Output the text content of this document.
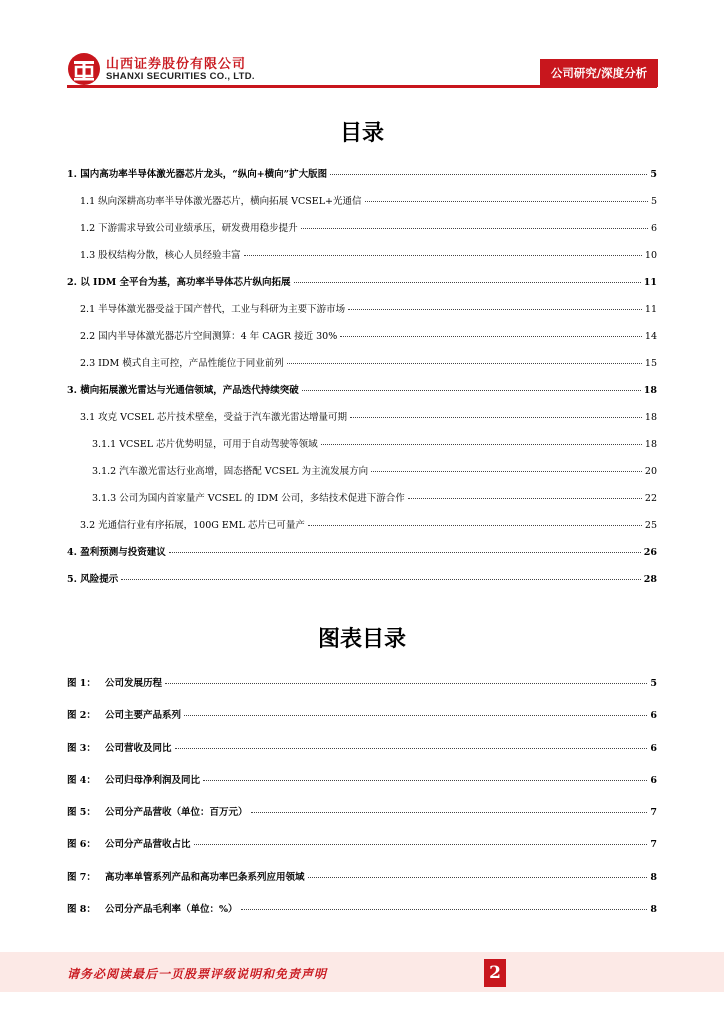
山西证券股份有限公司
SHANXI SECURITIES CO., LTD.	公司研究/深度分析
目录
1. 国内高功率半导体激光器芯片龙头，“纵向+横向”扩大版图	5
1.1 纵向深耕高功率半导体激光器芯片，横向拓展 VCSEL+光通信	5
1.2 下游需求导致公司业绩承压，研发费用稳步提升	6
1.3 股权结构分散，核心人员经验丰富	10
2. 以 IDM 全平台为基，高功率半导体芯片纵向拓展	11
2.1 半导体激光器受益于国产替代，工业与科研为主要下游市场	11
2.2 国内半导体激光器芯片空间测算：4 年 CAGR 接近 30%	14
2.3 IDM 模式自主可控，产品性能位于同业前列	15
3. 横向拓展激光雷达与光通信领域，产品迭代持续突破	18
3.1 攻克 VCSEL 芯片技术壁垒，受益于汽车激光雷达增量可期	18
3.1.1 VCSEL 芯片优势明显，可用于自动驾驶等领域	18
3.1.2 汽车激光雷达行业高增，固态搭配 VCSEL 为主流发展方向	20
3.1.3 公司为国内首家量产 VCSEL 的 IDM 公司，多结技术促进下游合作	22
3.2 光通信行业有序拓展，100G EML 芯片已可量产	25
4. 盈利预测与投资建议	26
5. 风险提示	28
图表目录
图 1： 公司发展历程	5
图 2： 公司主要产品系列	6
图 3： 公司营收及同比	6
图 4： 公司归母净利润及同比	6
图 5： 公司分产品营收（单位：百万元）	7
图 6： 公司分产品营收占比	7
图 7： 高功率单管系列产品和高功率巴条系列应用领域	8
图 8： 公司分产品毛利率（单位：%）	8
请务必阅读最后一页股票评级说明和免责声明	2
